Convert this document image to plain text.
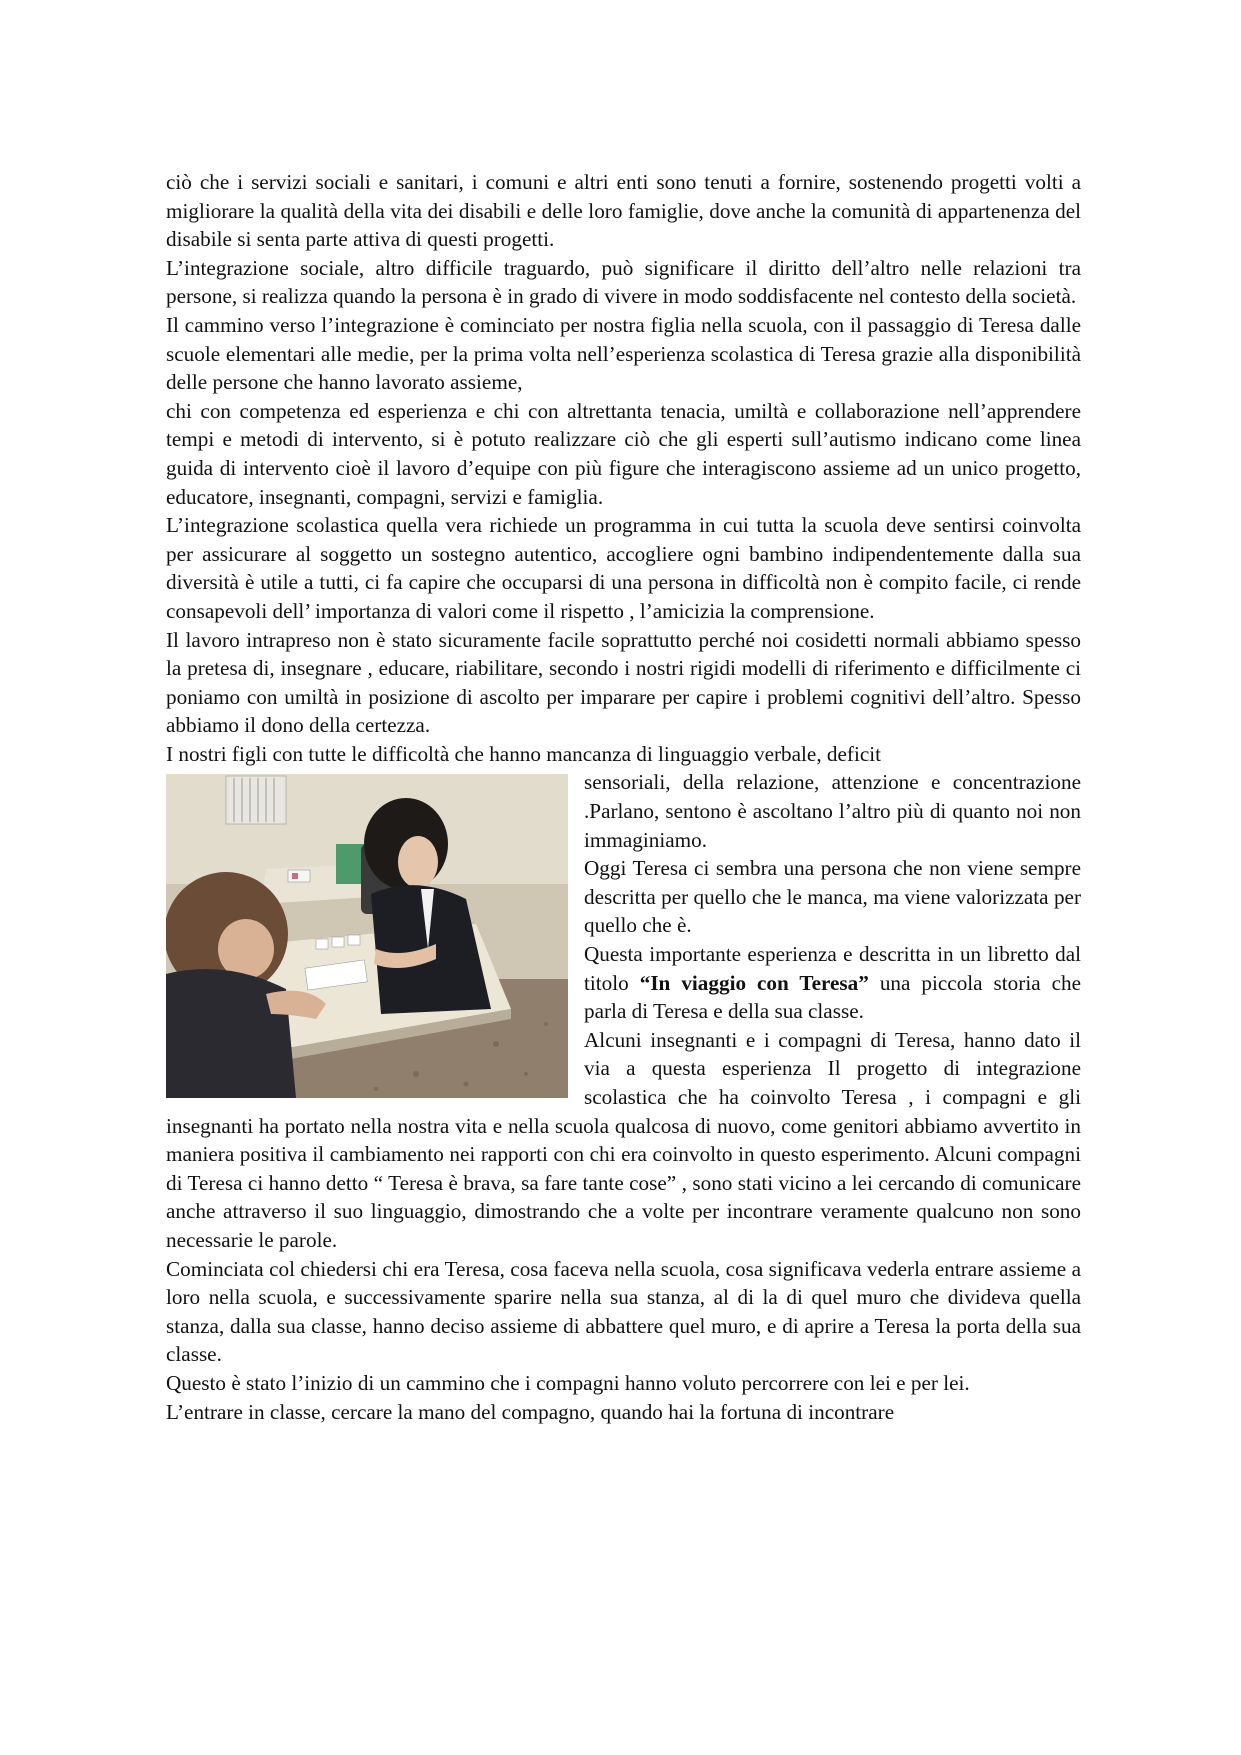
ciò che i servizi sociali e sanitari, i comuni e altri enti sono tenuti a fornire, sostenendo progetti volti a migliorare la qualità della vita dei disabili e delle loro famiglie, dove anche la comunità di appartenenza del disabile si senta parte attiva di questi progetti.

L’integrazione sociale, altro difficile traguardo, può significare il diritto dell’altro nelle relazioni tra persone, si realizza quando la persona è in grado di vivere in modo soddisfacente nel contesto della società.

Il cammino verso l’integrazione è cominciato per nostra figlia nella scuola, con il passaggio di Teresa dalle scuole elementari alle medie, per la prima volta nell’esperienza scolastica di Teresa grazie alla disponibilità delle persone che hanno lavorato assieme,

chi con competenza ed esperienza e chi con altrettanta tenacia, umiltà e collaborazione nell’apprendere tempi e metodi di intervento, si è potuto realizzare ciò che gli esperti sull’autismo indicano come linea guida di intervento cioè il lavoro d’equipe con più figure che interagiscono assieme ad un unico progetto, educatore, insegnanti, compagni, servizi e famiglia.

L’integrazione scolastica quella vera richiede un programma in cui tutta la scuola deve sentirsi coinvolta per assicurare al soggetto un sostegno autentico, accogliere ogni bambino indipendentemente dalla sua diversità è utile a tutti, ci fa capire che occuparsi di una persona in difficoltà non è compito facile, ci rende consapevoli dell’ importanza di valori come il rispetto , l’amicizia la comprensione.

Il lavoro intrapreso non è stato sicuramente facile soprattutto perché noi cosidetti normali abbiamo spesso la pretesa di, insegnare , educare, riabilitare, secondo i nostri rigidi modelli di riferimento e difficilmente ci poniamo con umiltà in posizione di ascolto per imparare per capire i problemi cognitivi dell’altro. Spesso abbiamo il dono della certezza.

I nostri figli con tutte le difficoltà che hanno mancanza di linguaggio verbale, deficit

sensoriali, della relazione, attenzione e concentrazione .Parlano, sentono è ascoltano l’altro più di quanto noi non immaginiamo.

Oggi Teresa ci sembra una persona che non viene sempre descritta per quello che le manca, ma viene valorizzata per quello che è.

Questa importante esperienza e descritta in un libretto dal titolo “In viaggio con Teresa” una piccola storia che parla di Teresa e della sua classe.

Alcuni insegnanti e i compagni di Teresa, hanno dato il via a questa esperienza Il progetto di integrazione scolastica che ha coinvolto Teresa , i compagni e gli insegnanti ha portato nella nostra vita e nella scuola qualcosa di nuovo, come genitori abbiamo avvertito in maniera positiva il cambiamento nei rapporti con chi era coinvolto in questo esperimento. Alcuni compagni di Teresa ci hanno detto “ Teresa è brava, sa fare tante cose” , sono stati vicino a lei cercando di comunicare anche attraverso il suo linguaggio, dimostrando che a volte per incontrare veramente qualcuno non sono necessarie le parole.

Cominciata col chiedersi chi era Teresa, cosa faceva nella scuola, cosa significava vederla entrare assieme a loro nella scuola, e successivamente sparire nella sua stanza, al di la di quel muro che divideva quella stanza, dalla sua classe, hanno deciso assieme di abbattere quel muro, e di aprire a Teresa la porta della sua classe.

Questo è stato l’inizio di un cammino che i compagni hanno voluto percorrere con lei e per lei.

L’entrare in classe, cercare la mano del compagno, quando hai la fortuna di incontrare
